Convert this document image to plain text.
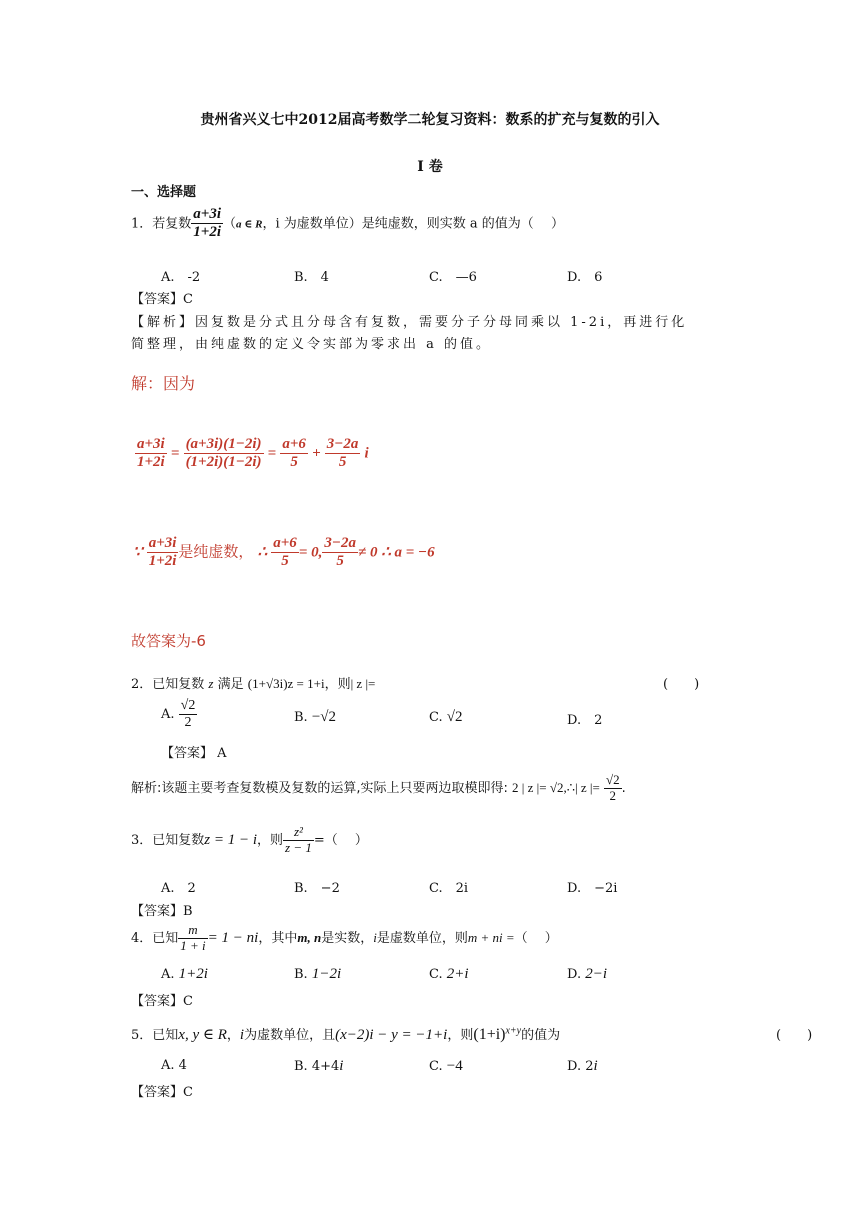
贵州省兴义七中2012届高考数学二轮复习资料：数系的扩充与复数的引入
Ⅰ 卷
一、选择题
1．若复数 $\frac{a+3i}{1+2i} (a$ ∈ R，i 为虚数单位）是纯虚数，则实数 a 的值为（　 ）
A.　-2	B.　4	C.　—6	D.　6
【答案】C
【解析】因复数是分式且分母含有复数，需要分子分母同乘以 1-2i，再进行化
简整理，由纯虚数的定义令实部为零求出 a 的值。
解：因为
$\frac{a+3i}{1+2i} = \frac{(a+3i)(1-2i)}{(1+2i)(1-2i)} = \frac{a+6}{5} + \frac{3-2a}{5}$ i
∵ $\frac{a+3i}{1+2i}$ 是纯虚数， ∴ $\frac{a+6}{5} = 0$, $\frac{3-2a}{5} \ne 0$ ∴ a = −6
故答案为-6
2．已知复数 z 满足 (1+√3i)z = 1+i，则| z |=	(　　)
A. $\frac{√2}{2}$	B. −√2	C. √2	D.　2
【答案】 A
解析:该题主要考查复数模及复数的运算,实际上只要两边取模即得: 2 | z |= √2,∴| z |= $\frac{√2}{2}$ .
3．已知复数z = 1 − i，则 $\frac{\text{z²}}{z - 1}$ =（　 ）
A.　2	B.　−2	C.　2i	D.　−2i
【答案】B
4．已知 $\frac{m}{1 + i} = 1$ − ni，其中m, n是实数，i是虚数单位，则m + ni =（　 ）
A. 1+2i	B. 1−2i	C. 2+i	D. 2−i
【答案】C
5．已知x, y ∈ R，i为虚数单位，且(x−2)i − y = −1+i，则$(1+i)^{x+y}$的值为	(　　)
A. 4	B. 4+4i	C. −4	D. 2i
【答案】C
